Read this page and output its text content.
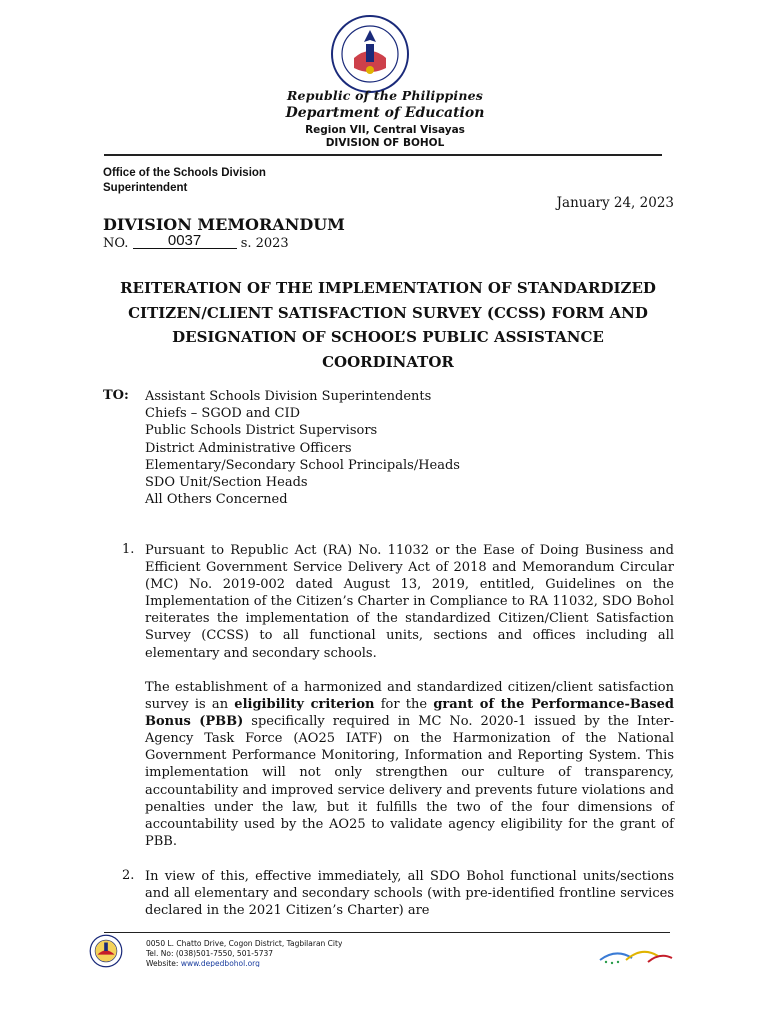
Republic of the Philippines
Department of Education
Region VII, Central Visayas
DIVISION OF BOHOL
Office of the Schools Division
Superintendent
January 24, 2023
DIVISION MEMORANDUM
NO.	0037	s. 2023
REITERATION OF THE IMPLEMENTATION OF STANDARDIZED
CITIZEN/CLIENT SATISFACTION SURVEY (CCSS) FORM AND
DESIGNATION OF SCHOOL’S PUBLIC ASSISTANCE
COORDINATOR
TO: Assistant Schools Division Superintendents
Chiefs – SGOD and CID
Public Schools District Supervisors
District Administrative Officers
Elementary/Secondary School Principals/Heads
SDO Unit/Section Heads
All Others Concerned
1. Pursuant to Republic Act (RA) No. 11032 or the Ease of Doing Business and Efficient Government Service Delivery Act of 2018 and Memorandum Circular (MC) No. 2019-002 dated August 13, 2019, entitled, Guidelines on the Implementation of the Citizen’s Charter in Compliance to RA 11032, SDO Bohol reiterates the implementation of the standardized Citizen/Client Satisfaction Survey (CCSS) to all functional units, sections and offices including all elementary and secondary schools.

The establishment of a harmonized and standardized citizen/client satisfaction survey is an eligibility criterion for the grant of the Performance-Based Bonus (PBB) specifically required in MC No. 2020-1 issued by the Inter-Agency Task Force (AO25 IATF) on the Harmonization of the National Government Performance Monitoring, Information and Reporting System. This implementation will not only strengthen our culture of transparency, accountability and improved service delivery and prevents future violations and penalties under the law, but it fulfills the two of the four dimensions of accountability used by the AO25 to validate agency eligibility for the grant of PBB.

2. In view of this, effective immediately, all SDO Bohol functional units/sections and all elementary and secondary schools (with pre-identified frontline services declared in the 2021 Citizen’s Charter) are

0050 L. Chatto Drive, Cogon District, Tagbilaran City
Tel. No: (038)501-7550, 501-5737
Website: www.depedbohol.org
